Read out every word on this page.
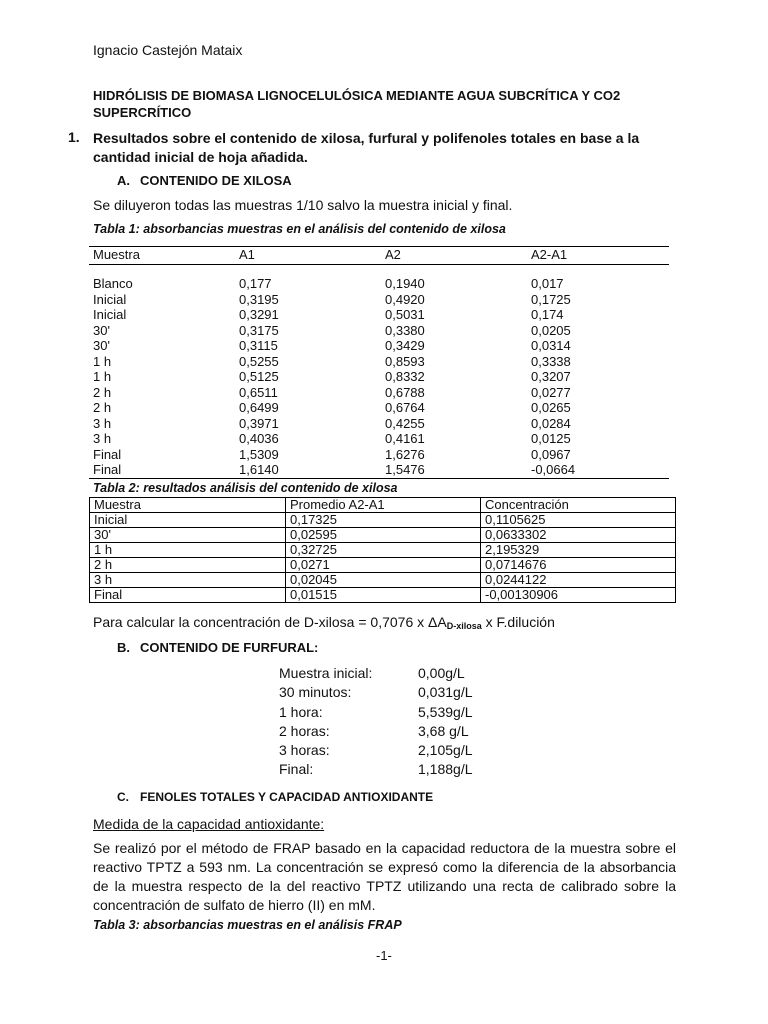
Ignacio Castejón Mataix
HIDRÓLISIS DE BIOMASA LIGNOCELULÓSICA MEDIANTE AGUA SUBCRÍTICA Y CO2
SUPERCRÍTICO
1. Resultados sobre el contenido de xilosa, furfural y polifenoles totales en base a la
cantidad inicial de hoja añadida.
A. CONTENIDO DE XILOSA
Se diluyeron todas las muestras 1/10 salvo la muestra inicial y final.
Tabla 1: absorbancias muestras en el análisis del contenido de xilosa
Muestra	A1	A2	A2-A1
Blanco	0,177	0,1940	0,017
Inicial	0,3195	0,4920	0,1725
Inicial	0,3291	0,5031	0,174
30'	0,3175	0,3380	0,0205
30'	0,3115	0,3429	0,0314
1 h	0,5255	0,8593	0,3338
1 h	0,5125	0,8332	0,3207
2 h	0,6511	0,6788	0,0277
2 h	0,6499	0,6764	0,0265
3 h	0,3971	0,4255	0,0284
3 h	0,4036	0,4161	0,0125
Final	1,5309	1,6276	0,0967
Final	1,6140	1,5476	-0,0664
Tabla 2: resultados análisis del contenido de xilosa
Muestra	Promedio A2-A1	Concentración
Inicial	0,17325	0,1105625
30'	0,02595	0,0633302
1 h	0,32725	2,195329
2 h	0,0271	0,0714676
3 h	0,02045	0,0244122
Final	0,01515	-0,00130906
Para calcular la concentración de D-xilosa = 0,7076 x $\Delta A_{D-xilosa}$ x F.dilución
B. CONTENIDO DE FURFURAL:
Muestra inicial:	0,00g/L
30 minutos:	0,031g/L
1 hora:	5,539g/L
2 horas:	3,68 g/L
3 horas:	2,105g/L
Final:	1,188g/L
C. FENOLES TOTALES Y CAPACIDAD ANTIOXIDANTE
Medida de la capacidad antioxidante:
Se realizó por el método de FRAP basado en la capacidad reductora de la muestra sobre el reactivo TPTZ a 593 nm. La concentración se expresó como la diferencia de la absorbancia de la muestra respecto de la del reactivo TPTZ utilizando una recta de calibrado sobre la concentración de sulfato de hierro (II) en mM.
Tabla 3: absorbancias muestras en el análisis FRAP
-1-
